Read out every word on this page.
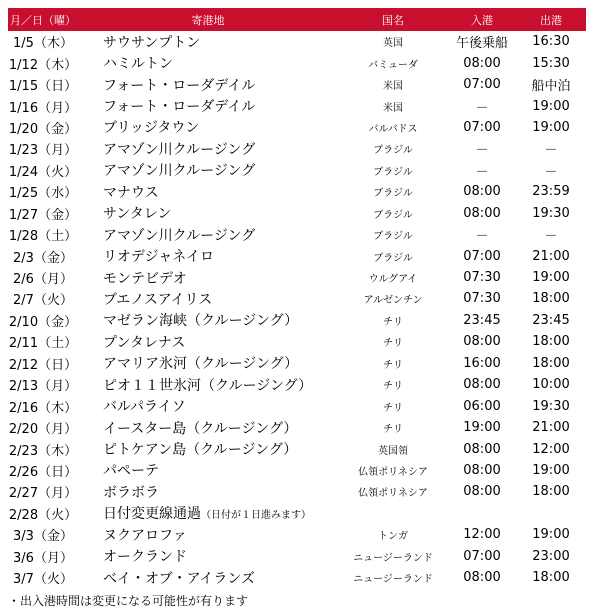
月／日（曜）	寄港地	国名	入港	出港
1/5（木）	サウサンプトン	英国	午後乗船	16:30
1/12（木）	ハミルトン	バミューダ	08:00	15:30
1/15（日）	フォート・ローダデイル	米国	07:00	船中泊
1/16（月）	フォート・ローダデイル	米国	－	19:00
1/20（金）	ブリッジタウン	バルバドス	07:00	19:00
1/23（月）	アマゾン川クルージング	ブラジル	－	－
1/24（火）	アマゾン川クルージング	ブラジル	－	－
1/25（水）	マナウス	ブラジル	08:00	23:59
1/27（金）	サンタレン	ブラジル	08:00	19:30
1/28（土）	アマゾン川クルージング	ブラジル	－	－
2/3（金）	リオデジャネイロ	ブラジル	07:00	21:00
2/6（月）	モンテビデオ	ウルグアイ	07:30	19:00
2/7（火）	ブエノスアイリス	アルゼンチン	07:30	18:00
2/10（金）	マゼラン海峡（クルージング）	チリ	23:45	23:45
2/11（土）	プンタレナス	チリ	08:00	18:00
2/12（日）	アマリア氷河（クルージング）	チリ	16:00	18:00
2/13（月）	ピオ１１世氷河（クルージング）	チリ	08:00	10:00
2/16（木）	バルパライソ	チリ	06:00	19:30
2/20（月）	イースター島（クルージング）	チリ	19:00	21:00
2/23（木）	ピトケアン島（クルージング）	英国領	08:00	12:00
2/26（日）	パペーテ	仏領ポリネシア	08:00	19:00
2/27（月）	ボラボラ	仏領ポリネシア	08:00	18:00
2/28（火）	日付変更線通過（日付が１日進みます）
3/3（金）	ヌクアロファ	トンガ	12:00	19:00
3/6（月）	オークランド	ニュージーランド	07:00	23:00
3/7（火）	ベイ・オブ・アイランズ	ニュージーランド	08:00	18:00
・出入港時間は変更になる可能性が有ります
